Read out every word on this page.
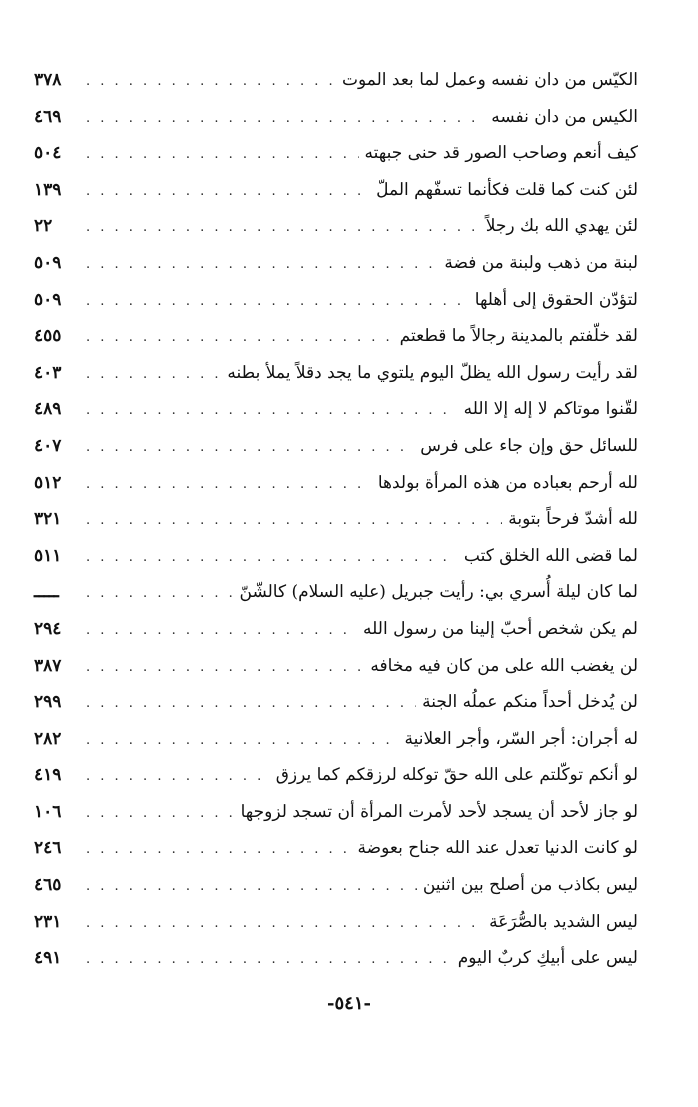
الكيّس من دان نفسه وعمل لما بعد الموت
. . .
٣٧٨
الكيس من دان نفسه
. . .
٤٦٩
كيف أنعم وصاحب الصور قد حنى جبهته
. . .
٥٠٤
لئن كنت كما قلت فكأنما تسفّهم الملّ
. . .
١٣٩
لئن يهدي الله بك رجلاً
. . .
٢٢
لبنة من ذهب ولبنة من فضة
. . .
٥٠٩
لتؤدّن الحقوق إلى أهلها
. . .
٥٠٩
لقد خلّفتم بالمدينة رجالاً ما قطعتم
. . .
٤٥٥
لقد رأيت رسول الله يظلّ اليوم يلتوي ما يجد دقلاً يملأ بطنه
. . .
٤٠٣
لقّنوا موتاكم لا إله إلا الله
. . .
٤٨٩
للسائل حق وإن جاء على فرس
. . .
٤٠٧
لله أرحم بعباده من هذه المرأة بولدها
. . .
٥١٢
لله أشدّ فرحاً بتوبة
. . .
٣٢١
لما قضى الله الخلق كتب
. . .
٥١١
لما كان ليلة أُسري بي: رأيت جبريل (عليه السلام) كالشّنّ
. . .
ـــــ
لم يكن شخص أحبّ إلينا من رسول الله
. . .
٢٩٤
لن يغضب الله على من كان فيه مخافه
. . .
٣٨٧
لن يُدخل أحداً منكم عملُه الجنة
. . .
٢٩٩
له أجران: أجر السّر، وأجر العلانية
. . .
٢٨٢
لو أنكم توكّلتم على الله حقّ توكله لرزقكم كما يرزق
. . .
٤١٩
لو جاز لأحد أن يسجد لأحد لأمرت المرأة أن تسجد لزوجها
. . .
١٠٦
لو كانت الدنيا تعدل عند الله جناح بعوضة
. . .
٢٤٦
ليس بكاذب من أصلح بين اثنين
. . .
٤٦٥
ليس الشديد بالصُّرَعَة
. . .
٢٣١
ليس على أبيكِ كربٌ اليوم
. . .
٤٩١
-٥٤١-
